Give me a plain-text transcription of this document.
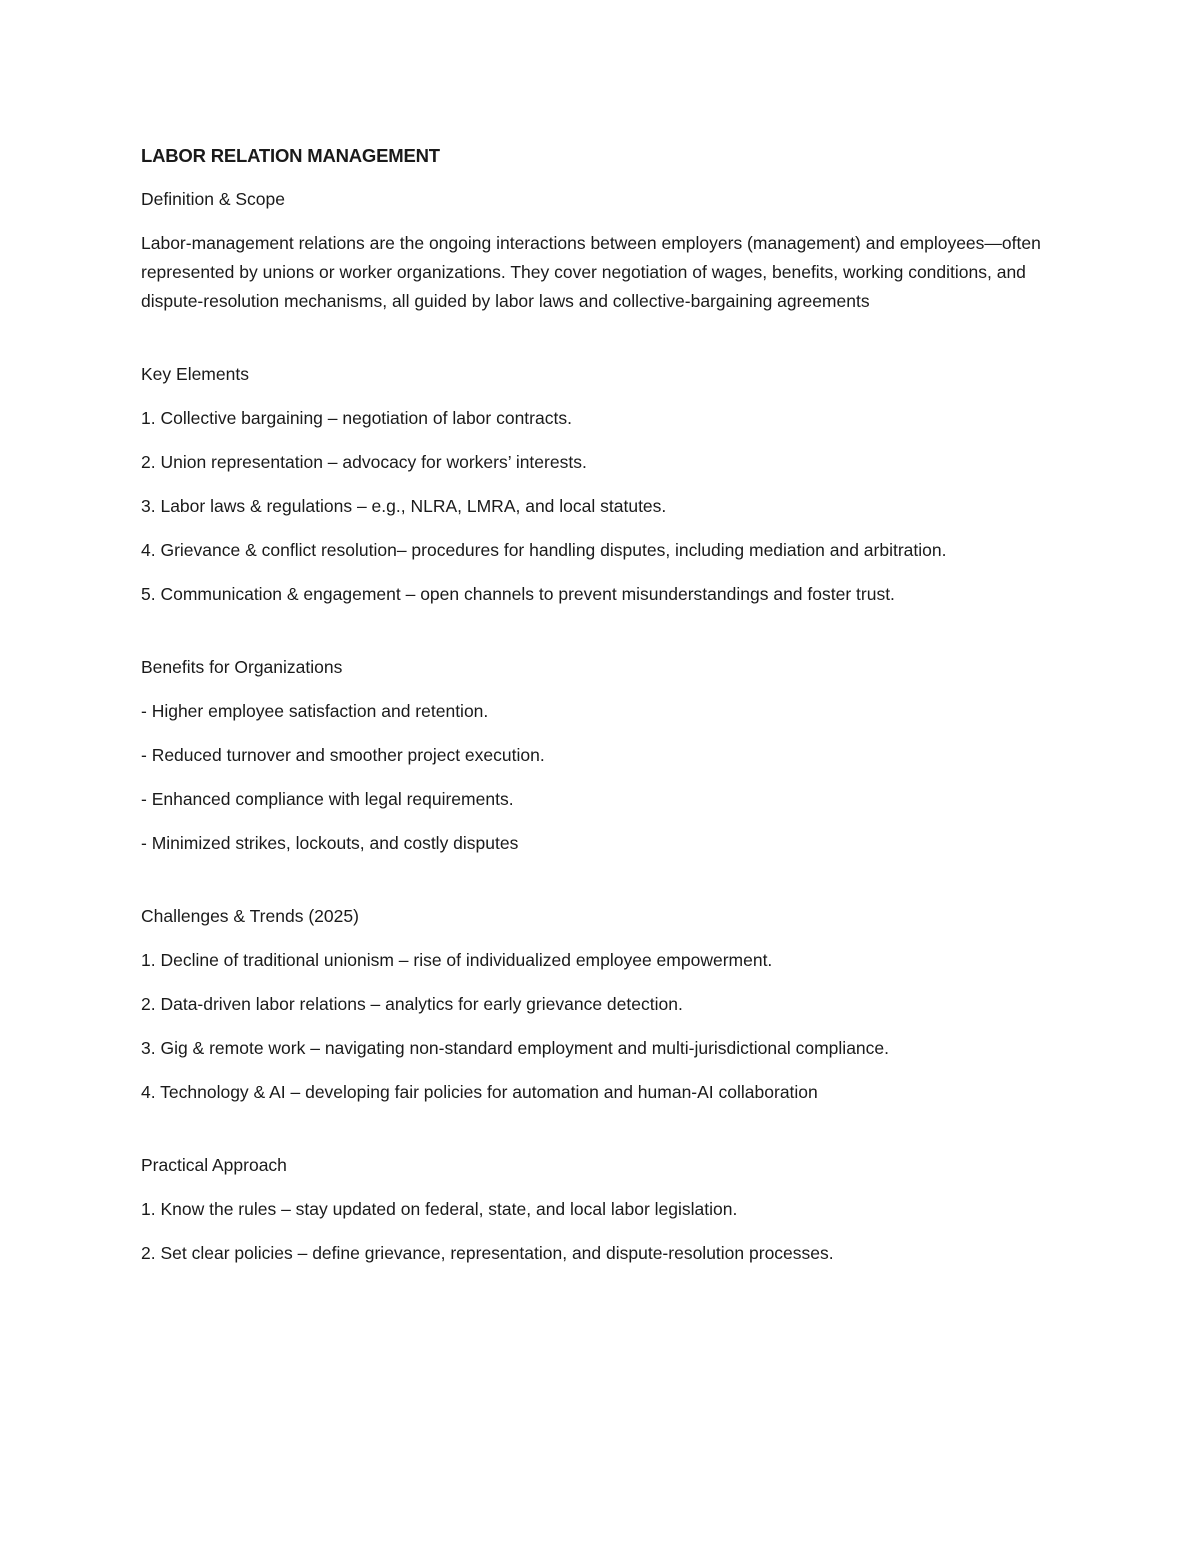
LABOR RELATION MANAGEMENT
Definition & Scope
Labor-management relations are the ongoing interactions between employers (management) and employees—often represented by unions or worker organizations. They cover negotiation of wages, benefits, working conditions, and dispute-resolution mechanisms, all guided by labor laws and collective-bargaining agreements
Key Elements
1. Collective bargaining – negotiation of labor contracts.
2. Union representation – advocacy for workers’ interests.
3. Labor laws & regulations – e.g., NLRA, LMRA, and local statutes.
4. Grievance & conflict resolution– procedures for handling disputes, including mediation and arbitration.
5. Communication & engagement – open channels to prevent misunderstandings and foster trust.
Benefits for Organizations
- Higher employee satisfaction and retention.
- Reduced turnover and smoother project execution.
- Enhanced compliance with legal requirements.
- Minimized strikes, lockouts, and costly disputes
Challenges & Trends (2025)
1. Decline of traditional unionism – rise of individualized employee empowerment.
2. Data-driven labor relations – analytics for early grievance detection.
3. Gig & remote work – navigating non-standard employment and multi-jurisdictional compliance.
4. Technology & AI – developing fair policies for automation and human-AI collaboration
Practical Approach
1. Know the rules – stay updated on federal, state, and local labor legislation.
2. Set clear policies – define grievance, representation, and dispute-resolution processes.
